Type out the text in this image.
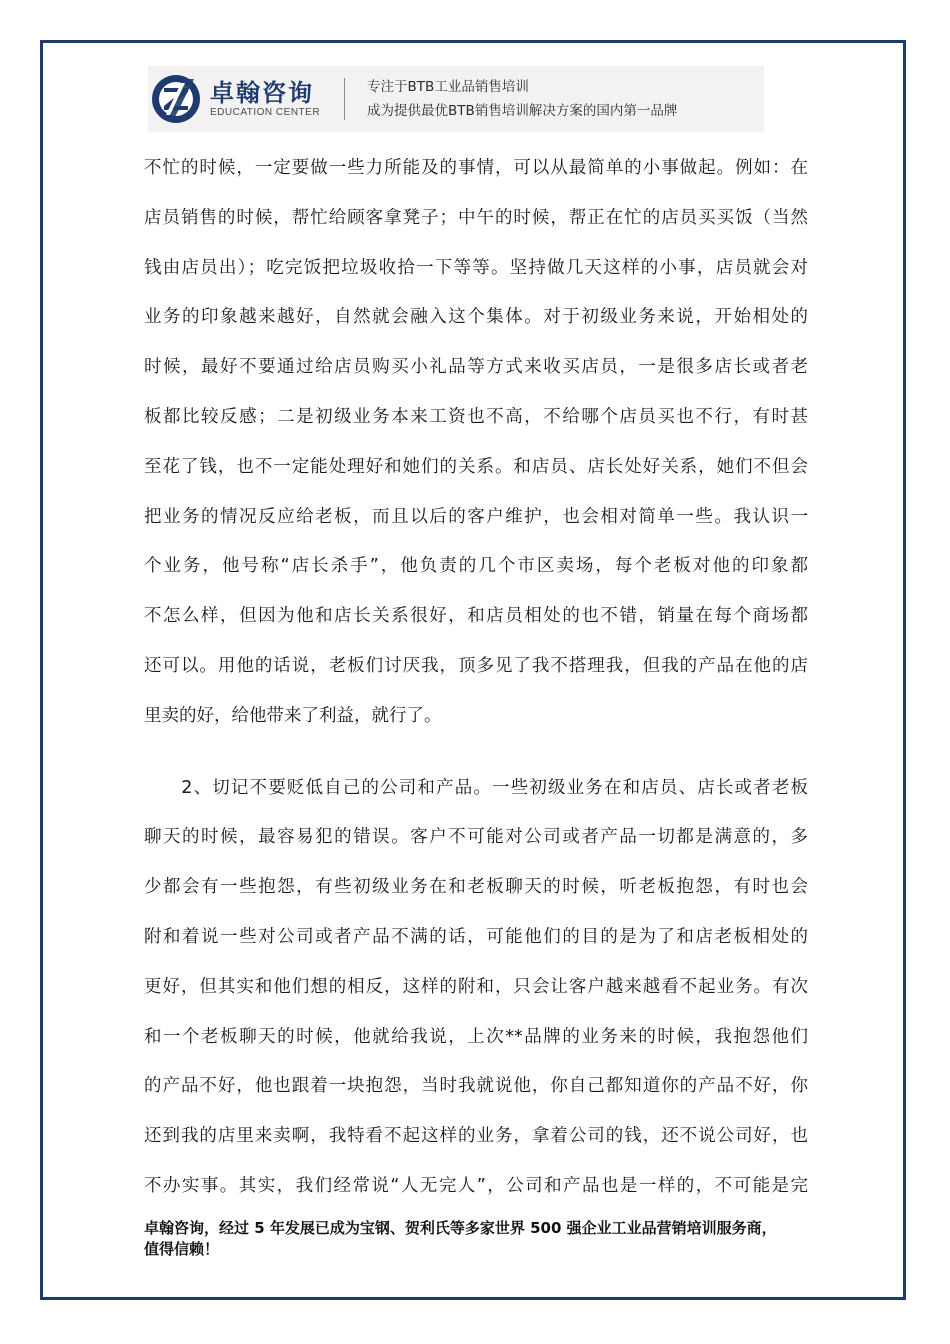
卓翰咨询
EDUCATION CENTER
专注于BTB工业品销售培训
成为提供最优BTB销售培训解决方案的国内第一品牌

不忙的时候，一定要做一些力所能及的事情，可以从最简单的小事做起。例如：在
店员销售的时候，帮忙给顾客拿凳子；中午的时候，帮正在忙的店员买买饭（当然
钱由店员出）；吃完饭把垃圾收拾一下等等。坚持做几天这样的小事，店员就会对
业务的印象越来越好，自然就会融入这个集体。对于初级业务来说，开始相处的
时候，最好不要通过给店员购买小礼品等方式来收买店员，一是很多店长或者老
板都比较反感；二是初级业务本来工资也不高，不给哪个店员买也不行，有时甚
至花了钱，也不一定能处理好和她们的关系。和店员、店长处好关系，她们不但会
把业务的情况反应给老板，而且以后的客户维护，也会相对简单一些。我认识一
个业务，他号称“店长杀手”，他负责的几个市区卖场，每个老板对他的印象都
不怎么样，但因为他和店长关系很好，和店员相处的也不错，销量在每个商场都
还可以。用他的话说，老板们讨厌我，顶多见了我不搭理我，但我的产品在他的店
里卖的好，给他带来了利益，就行了。

　　2、切记不要贬低自己的公司和产品。一些初级业务在和店员、店长或者老板
聊天的时候，最容易犯的错误。客户不可能对公司或者产品一切都是满意的，多
少都会有一些抱怨，有些初级业务在和老板聊天的时候，听老板抱怨，有时也会
附和着说一些对公司或者产品不满的话，可能他们的目的是为了和店老板相处的
更好，但其实和他们想的相反，这样的附和，只会让客户越来越看不起业务。有次
和一个老板聊天的时候，他就给我说，上次**品牌的业务来的时候，我抱怨他们
的产品不好，他也跟着一块抱怨，当时我就说他，你自己都知道你的产品不好，你
还到我的店里来卖啊，我特看不起这样的业务，拿着公司的钱，还不说公司好，也
不办实事。其实，我们经常说“人无完人”，公司和产品也是一样的，不可能是完

卓翰咨询，经过 5 年发展已成为宝钢、贺利氏等多家世界 500 强企业工业品营销培训服务商，

值得信赖！
